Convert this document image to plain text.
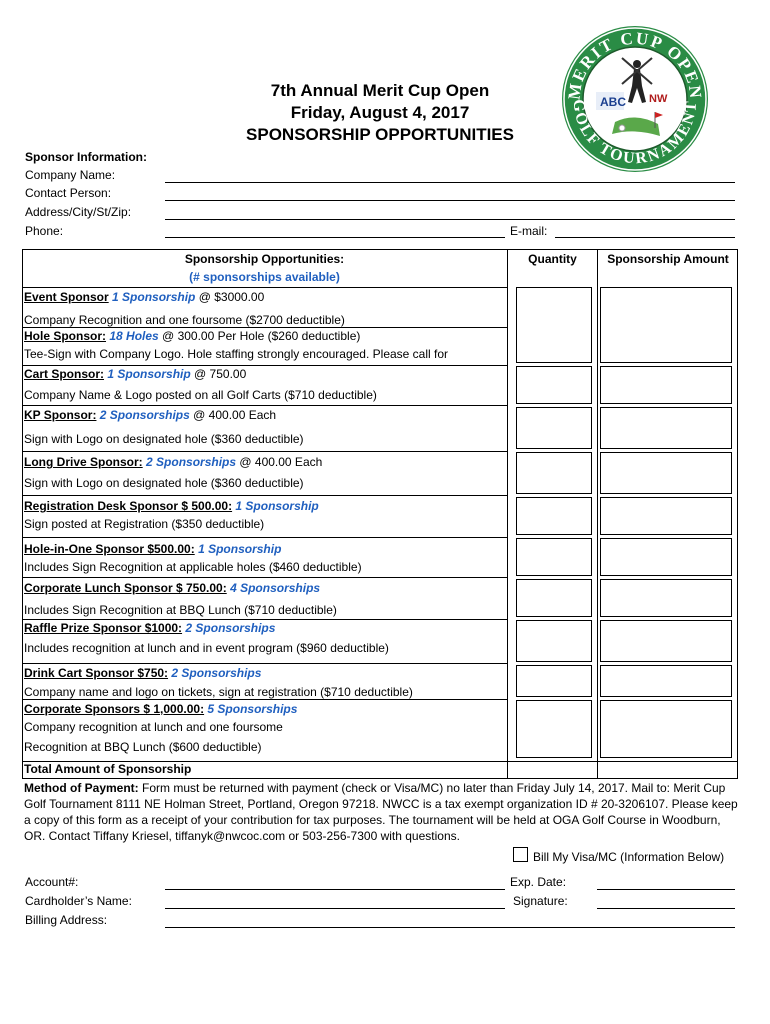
MERIT CUP OPEN
GOLF TOURNAMENT
ABC NW
7th Annual Merit Cup Open
Friday, August 4, 2017
SPONSORSHIP OPPORTUNITIES
Sponsor Information:
Company Name:
Contact Person:
Address/City/St/Zip:
Phone:	E-mail:
Sponsorship Opportunities:
(# sponsorships available)
Quantity	Sponsorship Amount
Event Sponsor 1 Sponsorship @ $3000.00
Company Recognition and one foursome ($2700 deductible)
Hole Sponsor: 18 Holes @ 300.00 Per Hole ($260 deductible)
Tee-Sign with Company Logo. Hole staffing strongly encouraged. Please call for
Cart Sponsor: 1 Sponsorship @ 750.00
Company Name & Logo posted on all Golf Carts ($710 deductible)
KP Sponsor: 2 Sponsorships @ 400.00 Each
Sign with Logo on designated hole ($360 deductible)
Long Drive Sponsor: 2 Sponsorships @ 400.00 Each
Sign with Logo on designated hole ($360 deductible)
Registration Desk Sponsor $ 500.00: 1 Sponsorship
Sign posted at Registration ($350 deductible)
Hole-in-One Sponsor $500.00: 1 Sponsorship
Includes Sign Recognition at applicable holes ($460 deductible)
Corporate Lunch Sponsor $ 750.00: 4 Sponsorships
Includes Sign Recognition at BBQ Lunch ($710 deductible)
Raffle Prize Sponsor $1000: 2 Sponsorships
Includes recognition at lunch and in event program ($960 deductible)
Drink Cart Sponsor $750: 2 Sponsorships
Company name and logo on tickets, sign at registration ($710 deductible)
Corporate Sponsors $ 1,000.00: 5 Sponsorships
Company recognition at lunch and one foursome
Recognition at BBQ Lunch ($600 deductible)
Total Amount of Sponsorship
Method of Payment: Form must be returned with payment (check or Visa/MC) no later than Friday July 14, 2017. Mail to: Merit Cup Golf Tournament 8111 NE Holman Street, Portland, Oregon 97218. NWCC is a tax exempt organization ID # 20-3206107. Please keep a copy of this form as a receipt of your contribution for tax purposes. The tournament will be held at OGA Golf Course in Woodburn, OR. Contact Tiffany Kriesel, tiffanyk@nwcoc.com or 503-256-7300 with questions.
Bill My Visa/MC (Information Below)
Account#:	Exp. Date:
Cardholder’s Name:	Signature:
Billing Address:
